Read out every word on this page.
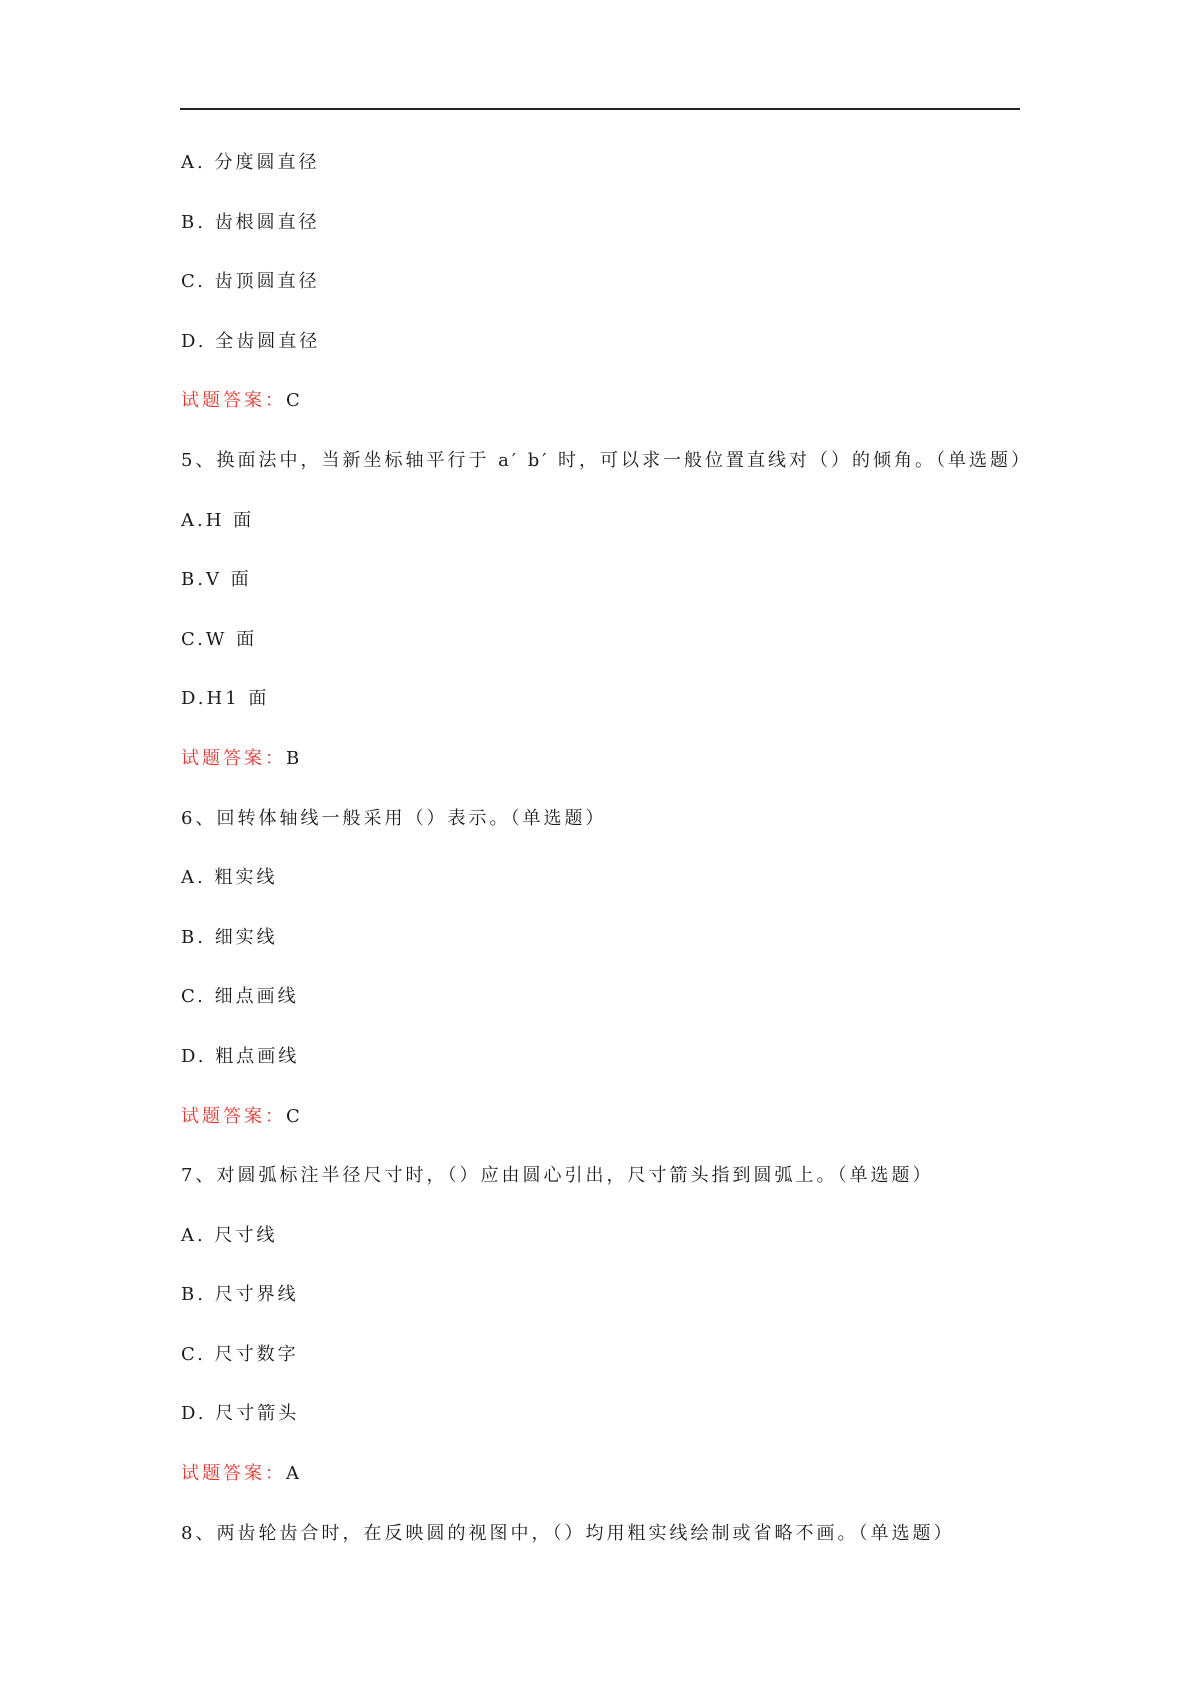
A. 分度圆直径
B. 齿根圆直径
C. 齿顶圆直径
D. 全齿圆直径
试题答案：C
5、换面法中，当新坐标轴平行于 a′ b′ 时，可以求一般位置直线对（）的倾角。（单选题）
A.H 面
B.V 面
C.W 面
D.H1 面
试题答案：B
6、回转体轴线一般采用（）表示。（单选题）
A. 粗实线
B. 细实线
C. 细点画线
D. 粗点画线
试题答案：C
7、对圆弧标注半径尺寸时，（）应由圆心引出，尺寸箭头指到圆弧上。（单选题）
A. 尺寸线
B. 尺寸界线
C. 尺寸数字
D. 尺寸箭头
试题答案：A
8、两齿轮齿合时，在反映圆的视图中，（）均用粗实线绘制或省略不画。（单选题）
